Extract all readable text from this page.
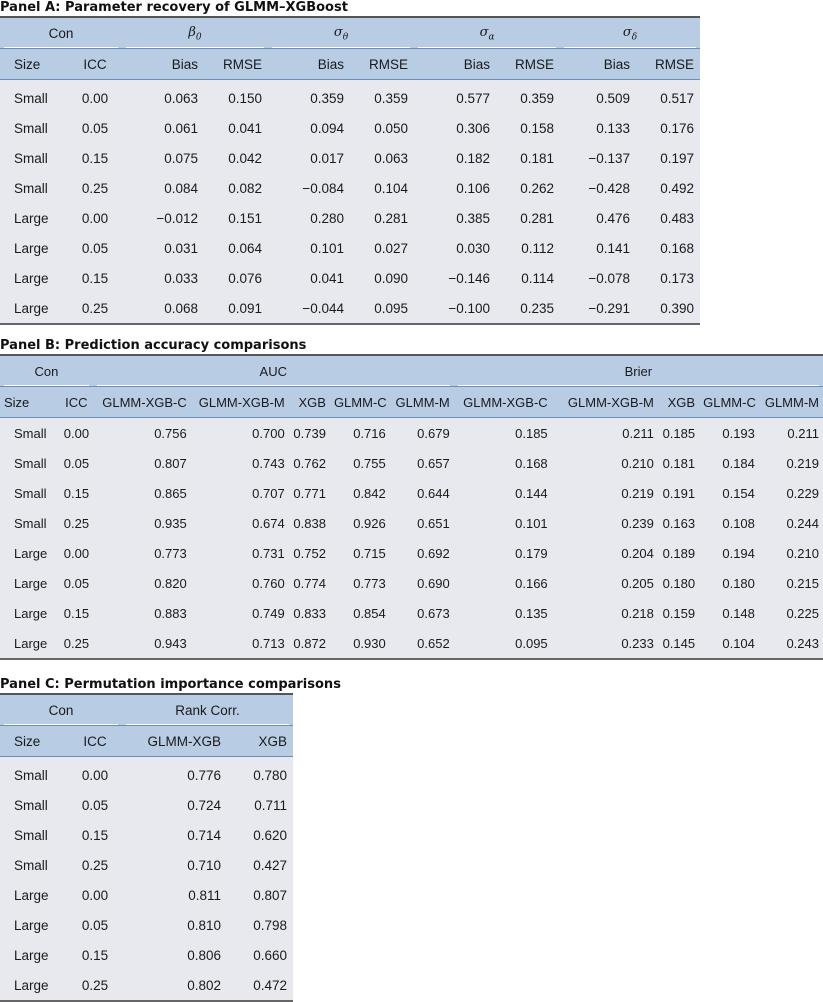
Panel A: Parameter recovery of GLMM–XGBoost
Con		$\beta_0$		$\sigma_\theta$		$\sigma_\alpha$		$\sigma_\delta$
Size	ICC	Bias	RMSE	Bias	RMSE	Bias	RMSE	Bias	RMSE
Small	0.00	0.063	0.150	0.359	0.359	0.577	0.359	0.509	0.517
Small	0.05	0.061	0.041	0.094	0.050	0.306	0.158	0.133	0.176
Small	0.15	0.075	0.042	0.017	0.063	0.182	0.181	−0.137	0.197
Small	0.25	0.084	0.082	−0.084	0.104	0.106	0.262	−0.428	0.492
Large	0.00	−0.012	0.151	0.280	0.281	0.385	0.281	0.476	0.483
Large	0.05	0.031	0.064	0.101	0.027	0.030	0.112	0.141	0.168
Large	0.15	0.033	0.076	0.041	0.090	−0.146	0.114	−0.078	0.173
Large	0.25	0.068	0.091	−0.044	0.095	−0.100	0.235	−0.291	0.390
Panel B: Prediction accuracy comparisons
Con		AUC					Brier				
Size	ICC	GLMM-XGB-C	GLMM-XGB-M	XGB	GLMM-C	GLMM-M	GLMM-XGB-C	GLMM-XGB-M	XGB	GLMM-C	GLMM-M
Small	0.00	0.756	0.700	0.739	0.716	0.679	0.185	0.211	0.185	0.193	0.211
Small	0.05	0.807	0.743	0.762	0.755	0.657	0.168	0.210	0.181	0.184	0.219
Small	0.15	0.865	0.707	0.771	0.842	0.644	0.144	0.219	0.191	0.154	0.229
Small	0.25	0.935	0.674	0.838	0.926	0.651	0.101	0.239	0.163	0.108	0.244
Large	0.00	0.773	0.731	0.752	0.715	0.692	0.179	0.204	0.189	0.194	0.210
Large	0.05	0.820	0.760	0.774	0.773	0.690	0.166	0.205	0.180	0.180	0.215
Large	0.15	0.883	0.749	0.833	0.854	0.673	0.135	0.218	0.159	0.148	0.225
Large	0.25	0.943	0.713	0.872	0.930	0.652	0.095	0.233	0.145	0.104	0.243
Panel C: Permutation importance comparisons
Con		Rank Corr.	
Size	ICC	GLMM-XGB	XGB
Small	0.00	0.776	0.780
Small	0.05	0.724	0.711
Small	0.15	0.714	0.620
Small	0.25	0.710	0.427
Large	0.00	0.811	0.807
Large	0.05	0.810	0.798
Large	0.15	0.806	0.660
Large	0.25	0.802	0.472
